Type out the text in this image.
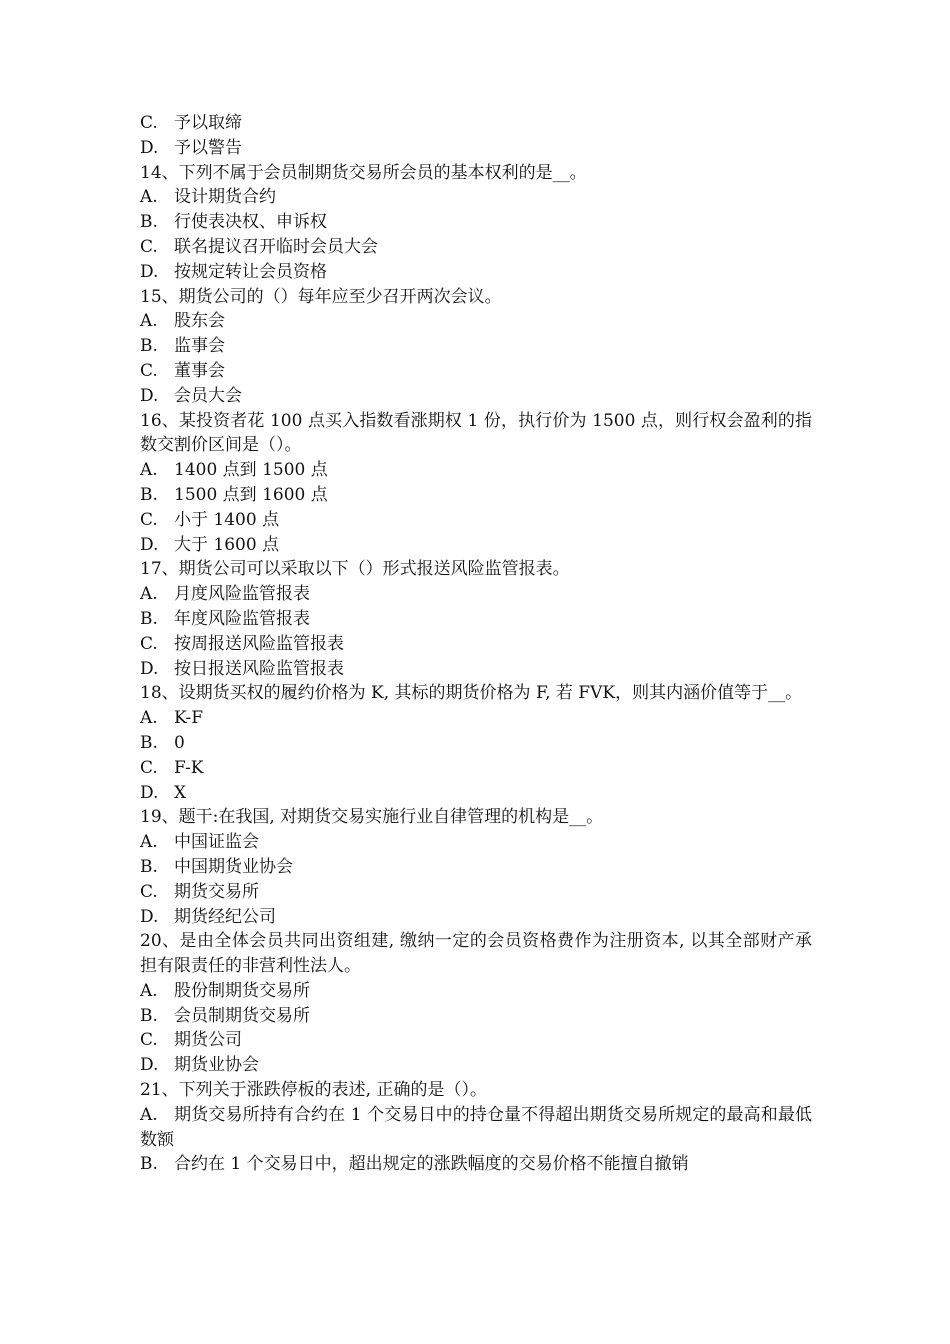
C. 予以取缔
D. 予以警告
14、下列不属于会员制期货交易所会员的基本权利的是__。
A. 设计期货合约
B. 行使表决权、申诉权
C. 联名提议召开临时会员大会
D. 按规定转让会员资格
15、期货公司的（）每年应至少召开两次会议。
A. 股东会
B. 监事会
C. 董事会
D. 会员大会
16、某投资者花 100 点买入指数看涨期权 1 份，执行价为 1500 点，则行权会盈利的指数交割价区间是（）。
A. 1400 点到 1500 点
B. 1500 点到 1600 点
C. 小于 1400 点
D. 大于 1600 点
17、期货公司可以采取以下（）形式报送风险监管报表。
A. 月度风险监管报表
B. 年度风险监管报表
C. 按周报送风险监管报表
D. 按日报送风险监管报表
18、设期货买权的履约价格为 K, 其标的期货价格为 F, 若 FVK，则其内涵价值等于__。
A. K-F
B. 0
C. F-K
D. X
19、题干:在我国, 对期货交易实施行业自律管理的机构是__。
A. 中国证监会
B. 中国期货业协会
C. 期货交易所
D. 期货经纪公司
20、是由全体会员共同出资组建, 缴纳一定的会员资格费作为注册资本, 以其全部财产承担有限责任的非营利性法人。
A. 股份制期货交易所
B. 会员制期货交易所
C. 期货公司
D. 期货业协会
21、下列关于涨跌停板的表述, 正确的是（）。
A. 期货交易所持有合约在 1 个交易日中的持仓量不得超出期货交易所规定的最高和最低数额
B. 合约在 1 个交易日中，超出规定的涨跌幅度的交易价格不能擅自撤销
